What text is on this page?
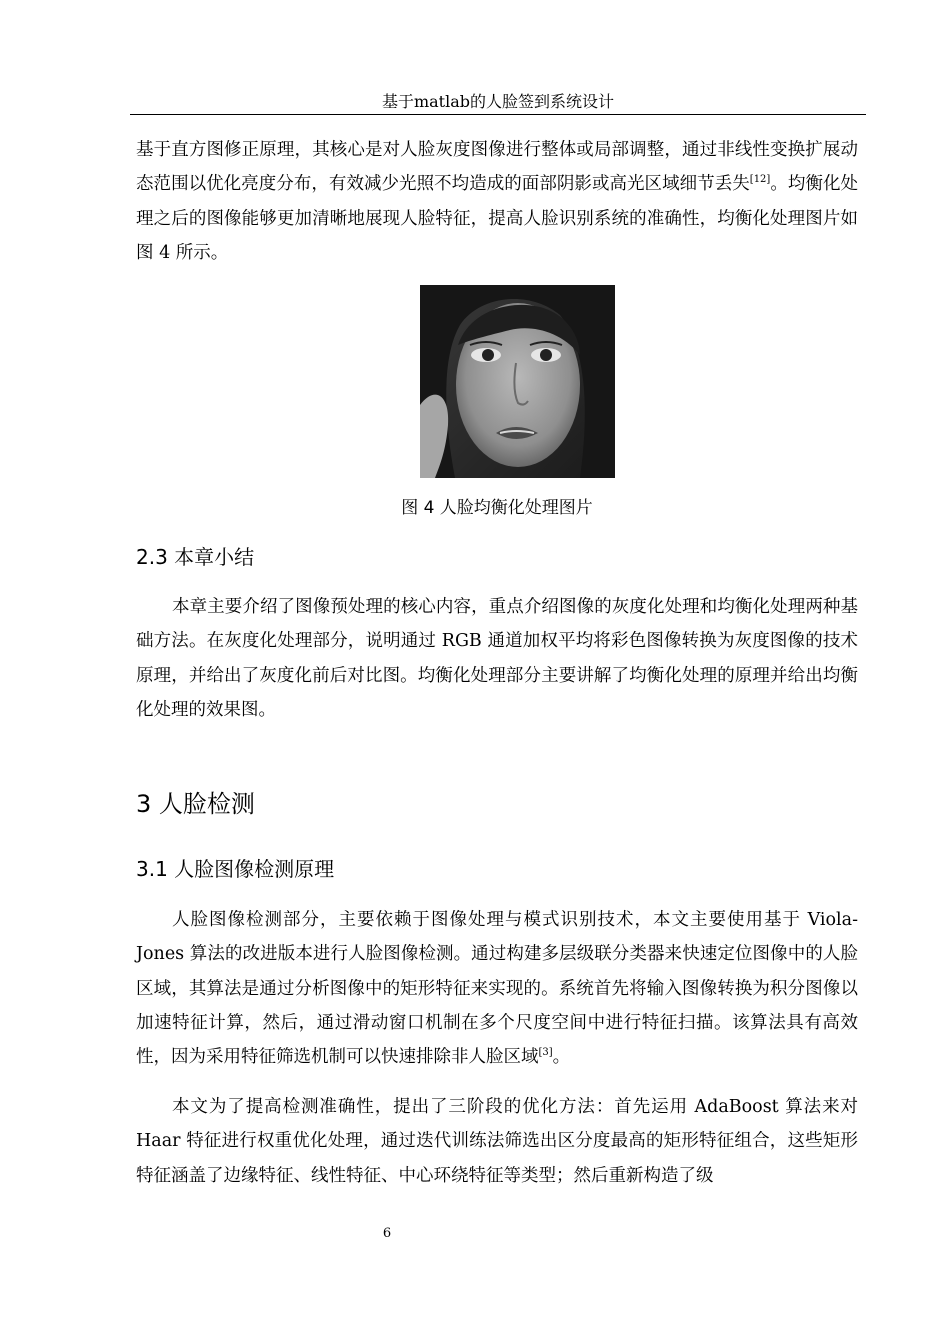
基于matlab的人脸签到系统设计

基于直方图修正原理，其核心是对人脸灰度图像进行整体或局部调整，通过非线性变换扩展动态范围以优化亮度分布，有效减少光照不均造成的面部阴影或高光区域细节丢失[12]。均衡化处理之后的图像能够更加清晰地展现人脸特征，提高人脸识别系统的准确性，均衡化处理图片如图 4 所示。

图 4 人脸均衡化处理图片
2.3 本章小结

本章主要介绍了图像预处理的核心内容，重点介绍图像的灰度化处理和均衡化处理两种基础方法。在灰度化处理部分，说明通过 RGB 通道加权平均将彩色图像转换为灰度图像的技术原理，并给出了灰度化前后对比图。均衡化处理部分主要讲解了均衡化处理的原理并给出均衡化处理的效果图。

3 人脸检测
3.1 人脸图像检测原理

人脸图像检测部分，主要依赖于图像处理与模式识别技术，本文主要使用基于 Viola-Jones 算法的改进版本进行人脸图像检测。通过构建多层级联分类器来快速定位图像中的人脸区域，其算法是通过分析图像中的矩形特征来实现的。系统首先将输入图像转换为积分图像以加速特征计算，然后，通过滑动窗口机制在多个尺度空间中进行特征扫描。该算法具有高效性，因为采用特征筛选机制可以快速排除非人脸区域[3]。

本文为了提高检测准确性，提出了三阶段的优化方法：首先运用 AdaBoost 算法来对 Haar 特征进行权重优化处理，通过迭代训练法筛选出区分度最高的矩形特征组合，这些矩形特征涵盖了边缘特征、线性特征、中心环绕特征等类型；然后重新构造了级

6
